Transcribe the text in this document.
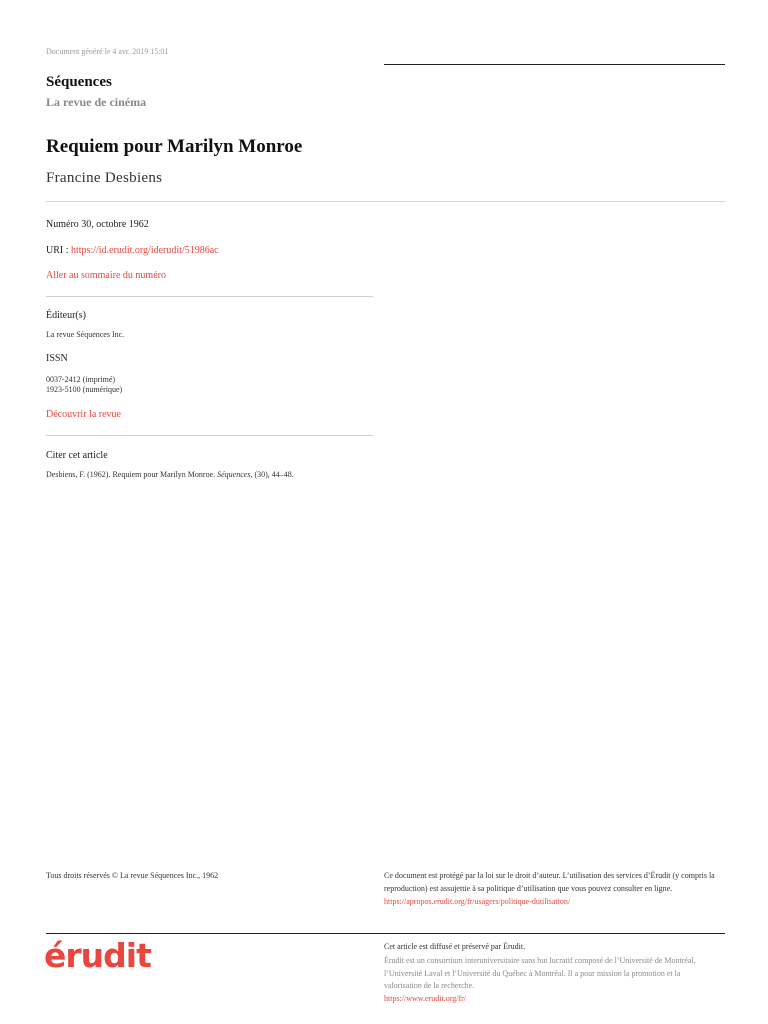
Document généré le 4 avr. 2019 15:01
Séquences
La revue de cinéma
Requiem pour Marilyn Monroe
Francine Desbiens
Numéro 30, octobre 1962
URI : https://id.erudit.org/iderudit/51986ac
Aller au sommaire du numéro
Éditeur(s)
La revue Séquences Inc.
ISSN
0037-2412 (imprimé)
1923-5100 (numérique)
Découvrir la revue
Citer cet article
Desbiens, F. (1962). Requiem pour Marilyn Monroe. Séquences, (30), 44–48.
Tous droits réservés © La revue Séquences Inc., 1962	Ce document est protégé par la loi sur le droit d’auteur. L’utilisation des services d’Érudit (y compris la reproduction) est assujettie à sa politique d’utilisation que vous pouvez consulter en ligne.
https://apropos.erudit.org/fr/usagers/politique-dutilisation/
érudit	Cet article est diffusé et préservé par Érudit.
Érudit est un consortium interuniversitaire sans but lucratif composé de l’Université de Montréal, l’Université Laval et l’Université du Québec à Montréal. Il a pour mission la promotion et la valorisation de la recherche.
https://www.erudit.org/fr/
